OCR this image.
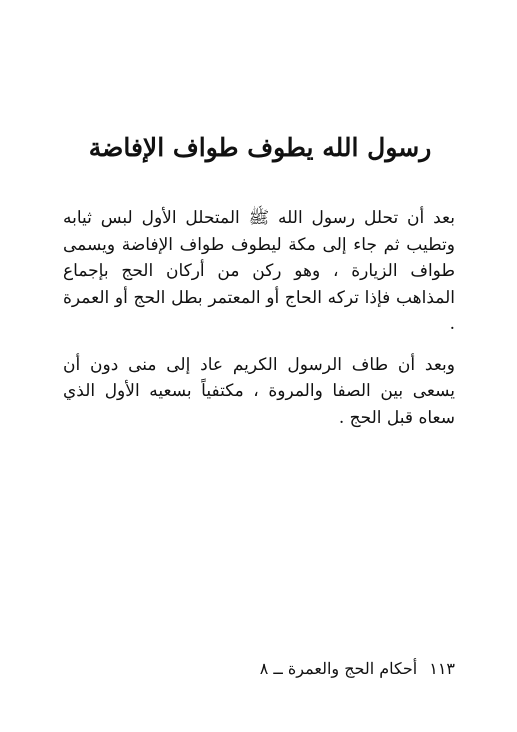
رسول الله يطوف طواف الإفاضة

بعد أن تحلل رسول الله ﷺ المتحلل الأول لبس ثيابه وتطيب ثم جاء إلى مكة ليطوف طواف الإفاضة ويسمى طواف الزيارة ، وهو ركن من أركان الحج بإجماع المذاهب فإذا تركه الحاج أو المعتمر بطل الحج أو العمرة .

وبعد أن طاف الرسول الكريم عاد إلى منى دون أن يسعى بين الصفا والمروة ، مكتفياً بسعيه الأول الذي سعاه قبل الحج .

١١٣أحكام الحج والعمرة ــ ٨
